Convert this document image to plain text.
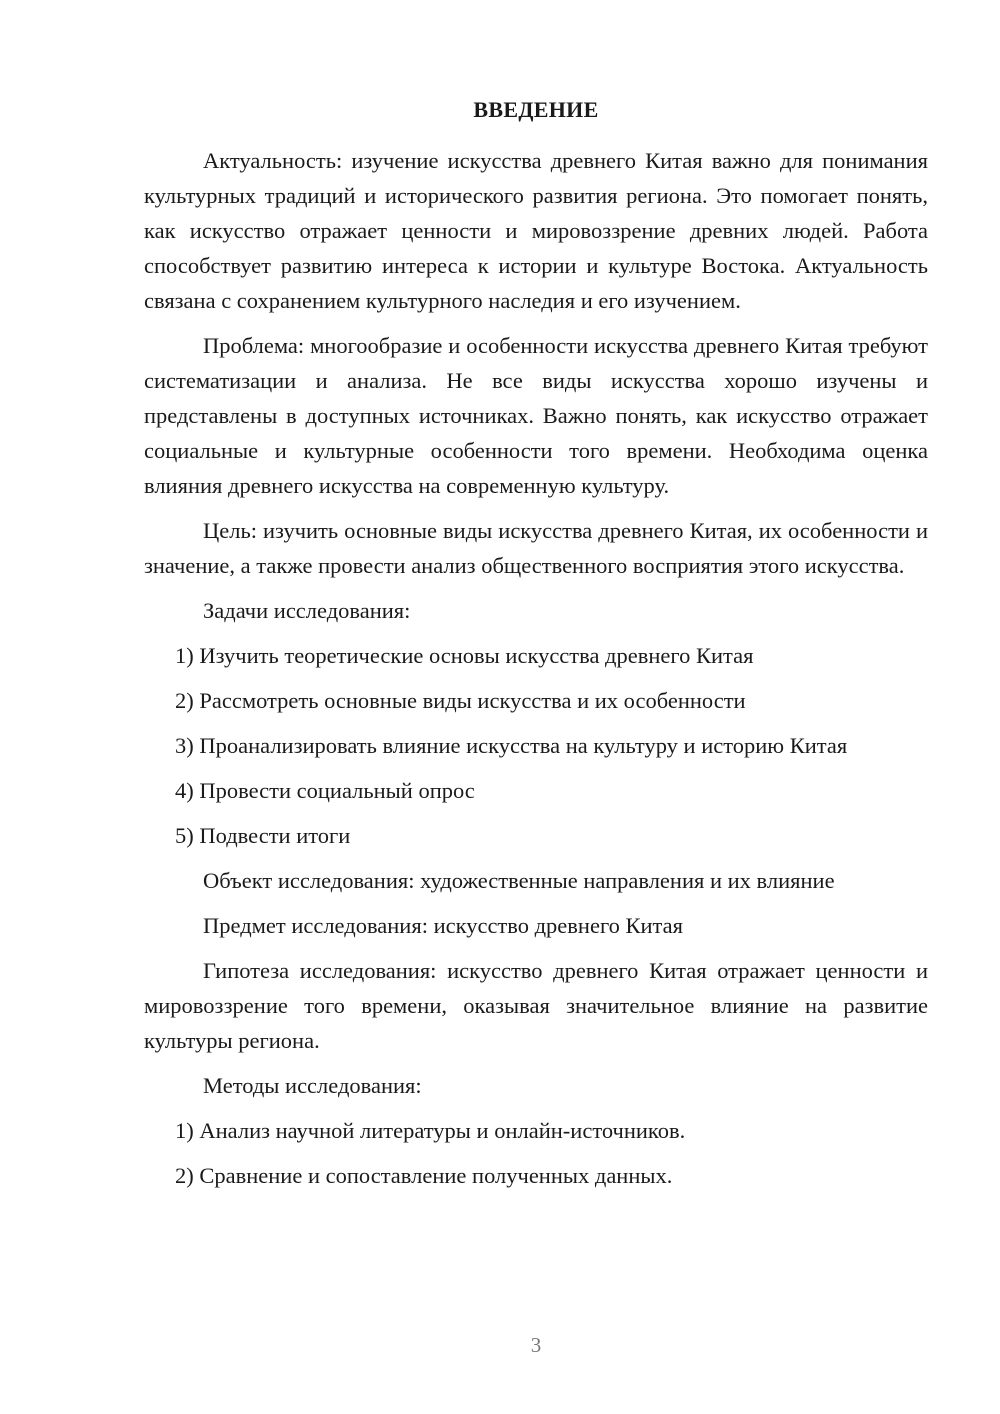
ВВЕДЕНИЕ

Актуальность: изучение искусства древнего Китая важно для понимания культурных традиций и исторического развития региона. Это помогает понять, как искусство отражает ценности и мировоззрение древних людей. Работа способствует развитию интереса к истории и культуре Востока. Актуальность связана с сохранением культурного наследия и его изучением.

Проблема: многообразие и особенности искусства древнего Китая требуют систематизации и анализа. Не все виды искусства хорошо изучены и представлены в доступных источниках. Важно понять, как искусство отражает социальные и культурные особенности того времени. Необходима оценка влияния древнего искусства на современную культуру.

Цель: изучить основные виды искусства древнего Китая, их особенности и значение, а также провести анализ общественного восприятия этого искусства.

Задачи исследования:

1) Изучить теоретические основы искусства древнего Китая

2) Рассмотреть основные виды искусства и их особенности

3) Проанализировать влияние искусства на культуру и историю Китая

4) Провести социальный опрос

5) Подвести итоги

Объект исследования: художественные направления и их влияние

Предмет исследования: искусство древнего Китая

Гипотеза исследования: искусство древнего Китая отражает ценности и мировоззрение того времени, оказывая значительное влияние на развитие культуры региона.

Методы исследования:

1) Анализ научной литературы и онлайн-источников.

2) Сравнение и сопоставление полученных данных.

3
